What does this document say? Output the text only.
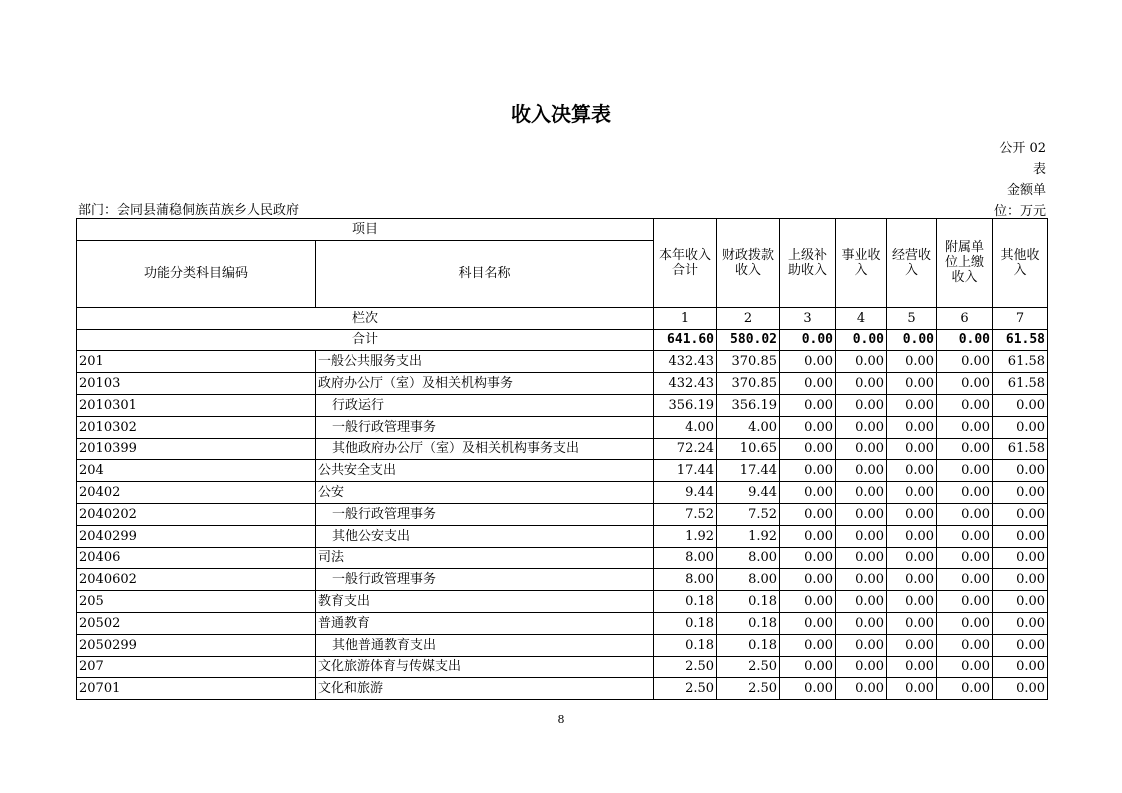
收入决算表
公开 02
表
金额单
位：万元
部门：会同县蒲稳侗族苗族乡人民政府
项目		本年收入合计	财政拨款收入	上级补助收入	事业收入	经营收入	附属单位上缴收入	其他收入
功能分类科目编码	科目名称							
栏次		1	2	3	4	5	6	7
合计		641.60	580.02	0.00	0.00	0.00	0.00	61.58
201	一般公共服务支出	432.43	370.85	0.00	0.00	0.00	0.00	61.58
20103	政府办公厅（室）及相关机构事务	432.43	370.85	0.00	0.00	0.00	0.00	61.58
2010301	行政运行	356.19	356.19	0.00	0.00	0.00	0.00	0.00
2010302	一般行政管理事务	4.00	4.00	0.00	0.00	0.00	0.00	0.00
2010399	其他政府办公厅（室）及相关机构事务支出	72.24	10.65	0.00	0.00	0.00	0.00	61.58
204	公共安全支出	17.44	17.44	0.00	0.00	0.00	0.00	0.00
20402	公安	9.44	9.44	0.00	0.00	0.00	0.00	0.00
2040202	一般行政管理事务	7.52	7.52	0.00	0.00	0.00	0.00	0.00
2040299	其他公安支出	1.92	1.92	0.00	0.00	0.00	0.00	0.00
20406	司法	8.00	8.00	0.00	0.00	0.00	0.00	0.00
2040602	一般行政管理事务	8.00	8.00	0.00	0.00	0.00	0.00	0.00
205	教育支出	0.18	0.18	0.00	0.00	0.00	0.00	0.00
20502	普通教育	0.18	0.18	0.00	0.00	0.00	0.00	0.00
2050299	其他普通教育支出	0.18	0.18	0.00	0.00	0.00	0.00	0.00
207	文化旅游体育与传媒支出	2.50	2.50	0.00	0.00	0.00	0.00	0.00
20701	文化和旅游	2.50	2.50	0.00	0.00	0.00	0.00	0.00
8
